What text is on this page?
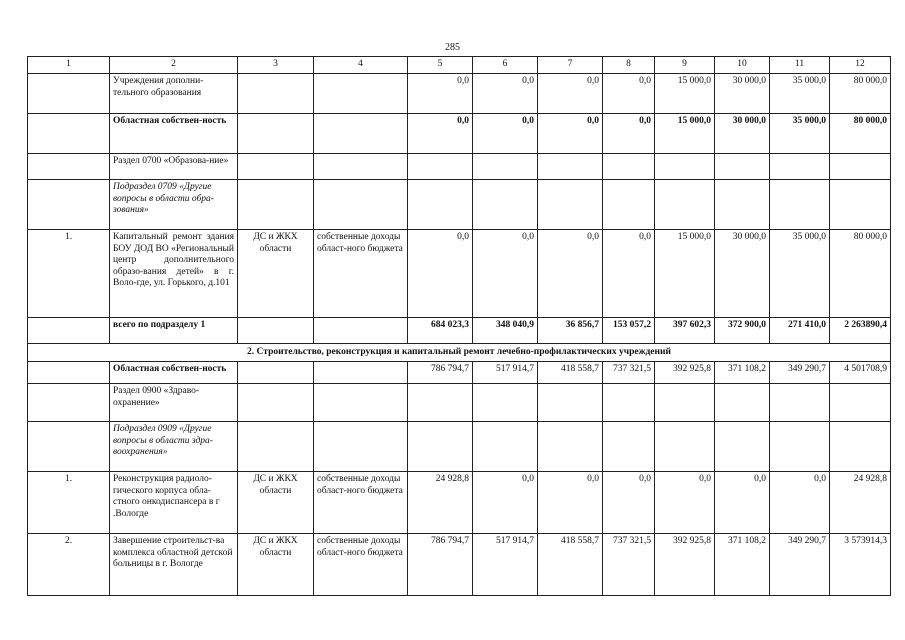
285
1	2	3	4	5	6	7	8	9	10	11	12
	Учреждения дополни-тельного образования			0,0	0,0	0,0	0,0	15 000,0	30 000,0	35 000,0	80 000,0
	Областная собствен-ность			0,0	0,0	0,0	0,0	15 000,0	30 000,0	35 000,0	80 000,0
	Раздел 0700 «Образова-ние»										
	Подраздел 0709 «Другие вопросы в области обра-зования»										
1.	Капитальный ремонт здания БОУ ДОД ВО «Региональный центр дополнительного образо-вания детей» в г. Воло-где, ул. Горького, д.101	ДС и ЖКХ области	собственные доходы област-ного бюджета	0,0	0,0	0,0	0,0	15 000,0	30 000,0	35 000,0	80 000,0
	всего по подразделу 1			684 023,3	348 040,9	36 856,7	153 057,2	397 602,3	372 900,0	271 410,0	2 263890,4
2. Строительство, реконструкция и капитальный ремонт лечебно-профилактических учреждений											
	Областная собствен-ность			786 794,7	517 914,7	418 558,7	737 321,5	392 925,8	371 108,2	349 290,7	4 501708,9
	Раздел 0900 «Здраво-охранение»										
	Подраздел 0909 «Другие вопросы в области здра-воохранения»										
1.	Реконструкция радиоло-гического корпуса обла-стного онкодиспансера в г .Вологде	ДС и ЖКХ области	собственные доходы област-ного бюджета	24 928,8	0,0	0,0	0,0	0,0	0,0	0,0	24 928,8
2.	Завершение строительст-ва комплекса областной детской больницы в г. Вологде	ДС и ЖКХ области	собственные доходы област-ного бюджета	786 794,7	517 914,7	418 558,7	737 321,5	392 925,8	371 108,2	349 290,7	3 573914,3
